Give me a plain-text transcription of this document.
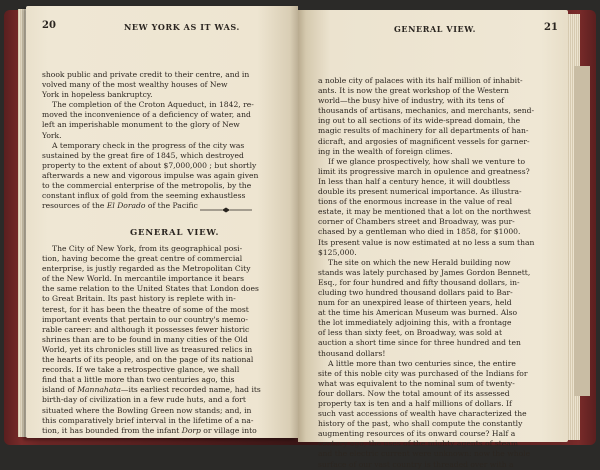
20	NEW YORK AS IT WAS.

shook public and private credit to their centre, and in

volved many of the most wealthy houses of New

York in hopeless bankruptcy.

The completion of the Croton Aqueduct, in 1842, re-

moved the inconvenience of a deficiency of water, and

left an imperishable monument to the glory of New

York.

A temporary check in the progress of the city was

sustained by the great fire of 1845, which destroyed

property to the extent of about $7,000,000 ; but shortly

afterwards a new and vigorous impulse was again given

to the commercial enterprise of the metropolis, by the

constant influx of gold from the seeming exhaustless

resources of the El Dorado of the Pacific

GENERAL VIEW.

The City of New York, from its geographical posi-

tion, having become the great centre of commercial

enterprise, is justly regarded as the Metropolitan City

of the New World. In mercantile importance it bears

the same relation to the United States that London does

to Great Britain. Its past history is replete with in-

terest, for it has been the theatre of some of the most

important events that pertain to our country's memo-

rable career: and although it possesses fewer historic

shrines than are to be found in many cities of the Old

World, yet its chronicles still live as treasured relics in

the hearts of its people, and on the page of its national

records. If we take a retrospective glance, we shall

find that a little more than two centuries ago, this

island of Mannahata—its earliest recorded name, had its

birth-day of civilization in a few rude huts, and a fort

situated where the Bowling Green now stands; and, in

this comparatively brief interval in the lifetime of a na-

tion, it has bounded from the infant Dorp or village into

GENERAL VIEW.	21

a noble city of palaces with its half million of inhabit-

ants. It is now the great workshop of the Western

world—the busy hive of industry, with its tens of

thousands of artisans, mechanics, and merchants, send-

ing out to all sections of its wide-spread domain, the

magic results of machinery for all departments of han-

dicraft, and argosies of magnificent vessels for garner-

ing in the wealth of foreign climes.

If we glance prospectively, how shall we venture to

limit its progressive march in opulence and greatness?

In less than half a century hence, it will doubtless

double its present numerical importance. As illustra-

tions of the enormous increase in the value of real

estate, it may be mentioned that a lot on the northwest

corner of Chambers street and Broadway, was pur-

chased by a gentleman who died in 1858, for $1000.

Its present value is now estimated at no less a sum than

$125,000.

The site on which the new Herald building now

stands was lately purchased by James Gordon Bennett,

Esq., for four hundred and fifty thousand dollars, in-

cluding two hundred thousand dollars paid to Bar-

num for an unexpired lease of thirteen years, held

at the time his American Museum was burned. Also

the lot immediately adjoining this, with a frontage

of less than sixty feet, on Broadway, was sold at

auction a short time since for three hundred and ten

thousand dollars!

A little more than two centuries since, the entire

site of this noble city was purchased of the Indians for

what was equivalent to the nominal sum of twenty-

four dollars. Now the total amount of its assessed

property tax is ten and a half millions of dollars. If

such vast accessions of wealth have characterized the

history of the past, who shall compute the constantly

augmenting resources of its onward course? Half a

century ago, the uses of the mighty agents of steam

and the electric current were unknown: now the whole

surface of our vast country is threaded over with a
